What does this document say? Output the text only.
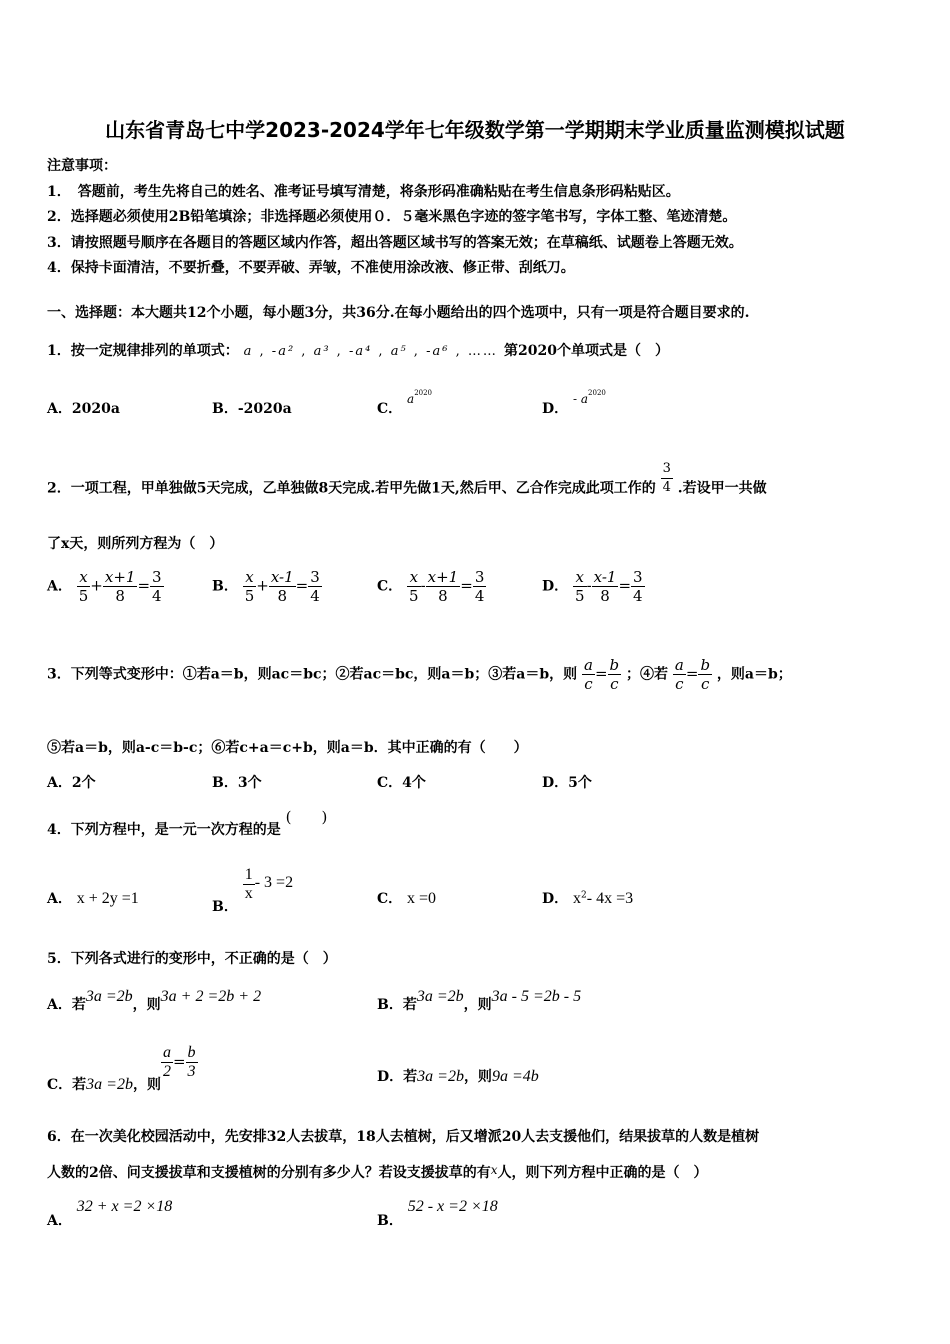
山东省青岛七中学2023-2024学年七年级数学第一学期期末学业质量监测模拟试题
注意事项：
1．　答题前，考生先将自己的姓名、准考证号填写清楚，将条形码准确粘贴在考生信息条形码粘贴区。
2．选择题必须使用2B铅笔填涂；非选择题必须使用０．５毫米黑色字迹的签字笔书写，字体工整、笔迹清楚。
3．请按照题号顺序在各题目的答题区域内作答，超出答题区域书写的答案无效；在草稿纸、试题卷上答题无效。
4．保持卡面清洁，不要折叠，不要弄破、弄皱，不准使用涂改液、修正带、刮纸刀。
一、选择题：本大题共12个小题，每小题3分，共36分.在每小题给出的四个选项中，只有一项是符合题目要求的.
1．按一定规律排列的单项式： a , -a² , a³ , -a⁴ , a⁵ , -a⁶ , …… 第2020个单项式是（　）
A．2020a	B．-2020a	C． $a^{2020}$
D． - $a^{2020}$
2．一项工程，甲单独做5天完成，乙单独做8天完成.若甲先做1天,然后甲、乙合作完成此项工作的 $\frac{3}{4}$ .若设甲一共做
了x天，则所列方程为（　）
A． $\frac{x}{5} + \frac{x+1}{8} = \frac{3}{4}$	B． $\frac{x}{5} + \frac{x-1}{8} = \frac{3}{4}$	C． $\frac{x}{5} - \frac{x+1}{8} = \frac{3}{4}$	D． $\frac{x}{5} - \frac{x-1}{8} = \frac{3}{4}$
3．下列等式变形中：①若a＝b，则ac＝bc；②若ac＝bc，则a＝b；③若a＝b，则 $\frac{a}{c} = \frac{b}{c}$ ；④若 $\frac{a}{c} = \frac{b}{c}$ ，则a＝b；
⑤若a＝b，则a-c＝b-c；⑥若c+a＝c+b，则a＝b．其中正确的有（　　）
A．2个	B．3个	C．4个	D．5个
4．下列方程中，是一元一次方程的是 (　　)
A． x + 2y =1	B．
$\frac{1}{x} - 3 =2$
C． x =0	D． $x^2-$ 4x =3
5．下列各式进行的变形中，不正确的是（　）
A．若3a =2b，则3a + 2 =2b + 2	B．若3a =2b，则3a - 5 =2b - 5
C．若3a =2b，则
$\frac{a}{2} = \frac{b}{3}$	D．若3a =2b，则9a =4b
6．在一次美化校园活动中，先安排32人去拔草，18人去植树，后又增派20人去支援他们，结果拔草的人数是植树
人数的2倍、问支援拔草和支援植树的分别有多少人？若设支援拔草的有x人，则下列方程中正确的是（　）
A． 32 + x =2 ×18
B． 52 - x =2 ×18
